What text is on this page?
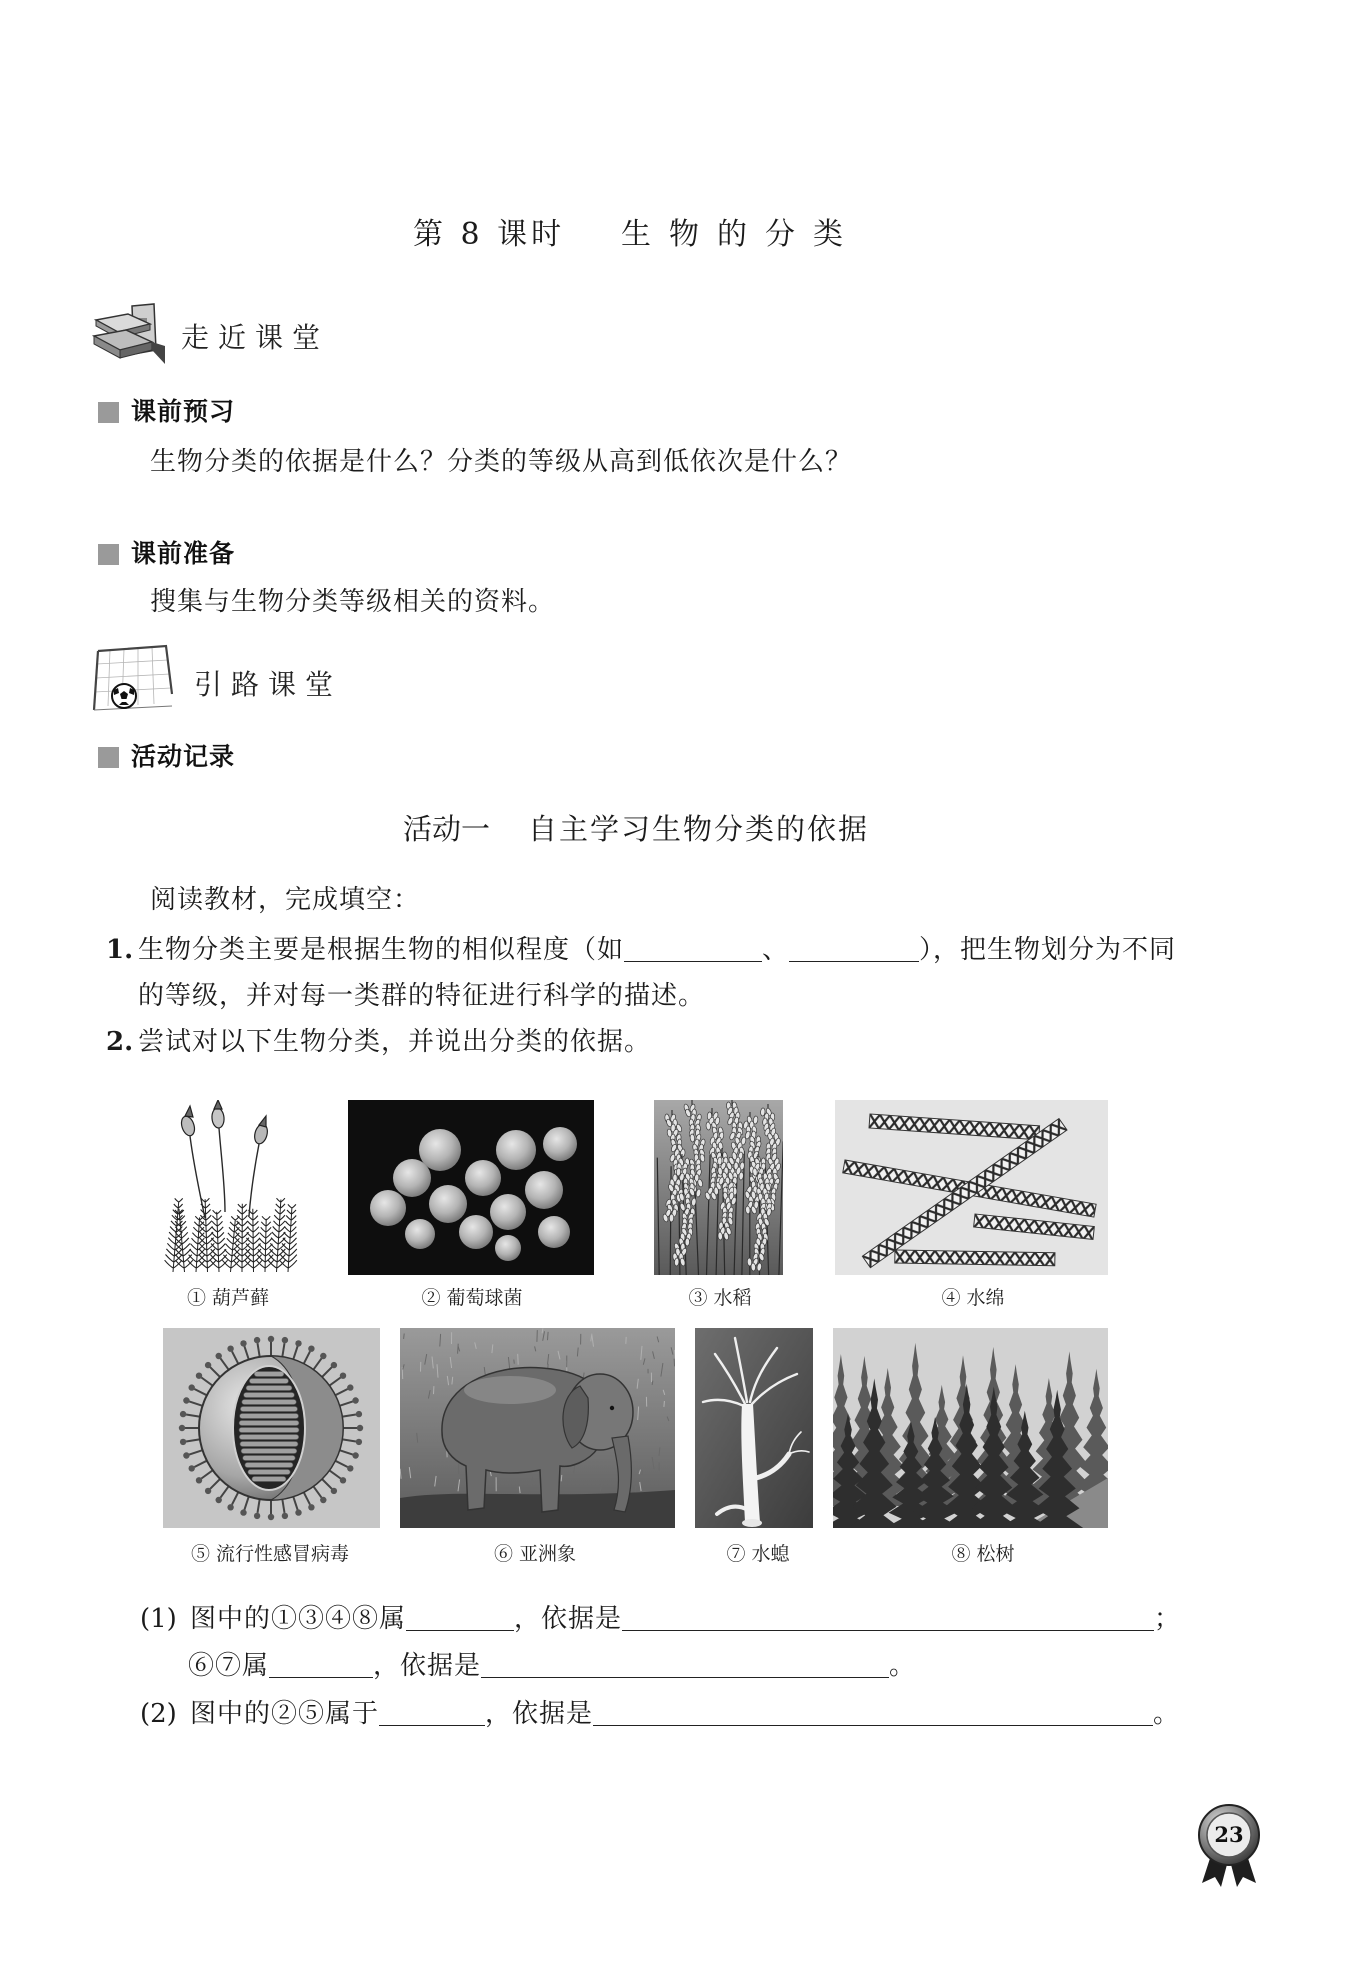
第 8 课时 生物的分类
走近课堂
课前预习
生物分类的依据是什么？分类的等级从高到低依次是什么？
课前准备
搜集与生物分类等级相关的资料。
引路课堂
活动记录
活动一 自主学习生物分类的依据
阅读教材，完成填空：
1. 生物分类主要是根据生物的相似程度（如	、	），把生物划分为不同
的等级，并对每一类群的特征进行科学的描述。
2. 尝试对以下生物分类，并说出分类的依据。
① 葫芦藓	② 葡萄球菌	③ 水稻	④ 水绵
⑤ 流行性感冒病毒	⑥ 亚洲象	⑦ 水螅	⑧ 松树
(1) 图中的①③④⑧属	，依据是	；
⑥⑦属	，依据是	。
(2) 图中的②⑤属于	，依据是	。
23
